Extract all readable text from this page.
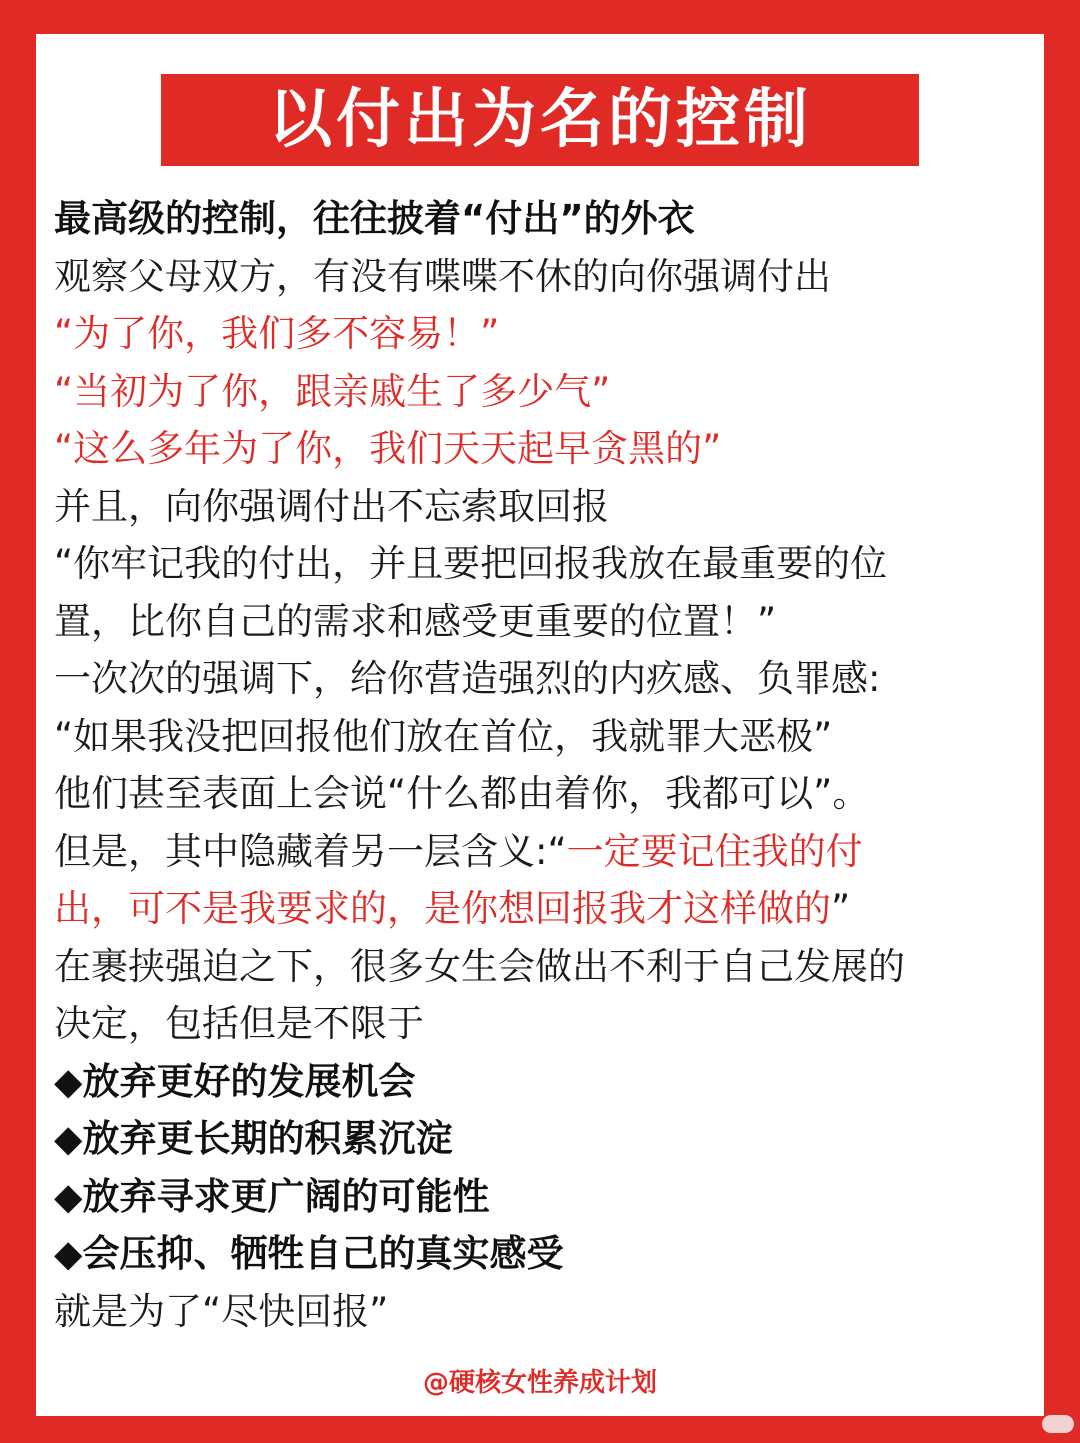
以付出为名的控制
最高级的控制，往往披着“付出”的外衣
观察父母双方，有没有喋喋不休的向你强调付出
“为了你，我们多不容易！”
“当初为了你，跟亲戚生了多少气”
“这么多年为了你，我们天天起早贪黑的”
并且，向你强调付出不忘索取回报
“你牢记我的付出，并且要把回报我放在最重要的位
置，比你自己的需求和感受更重要的位置！”
一次次的强调下，给你营造强烈的内疚感、负罪感:
“如果我没把回报他们放在首位，我就罪大恶极”
他们甚至表面上会说“什么都由着你，我都可以”。
但是，其中隐藏着另一层含义:“一定要记住我的付
出，可不是我要求的，是你想回报我才这样做的”
在裹挟强迫之下，很多女生会做出不利于自己发展的
决定，包括但是不限于
◆放弃更好的发展机会
◆放弃更长期的积累沉淀
◆放弃寻求更广阔的可能性
◆会压抑、牺牲自己的真实感受
就是为了“尽快回报”
@硬核女性养成计划
